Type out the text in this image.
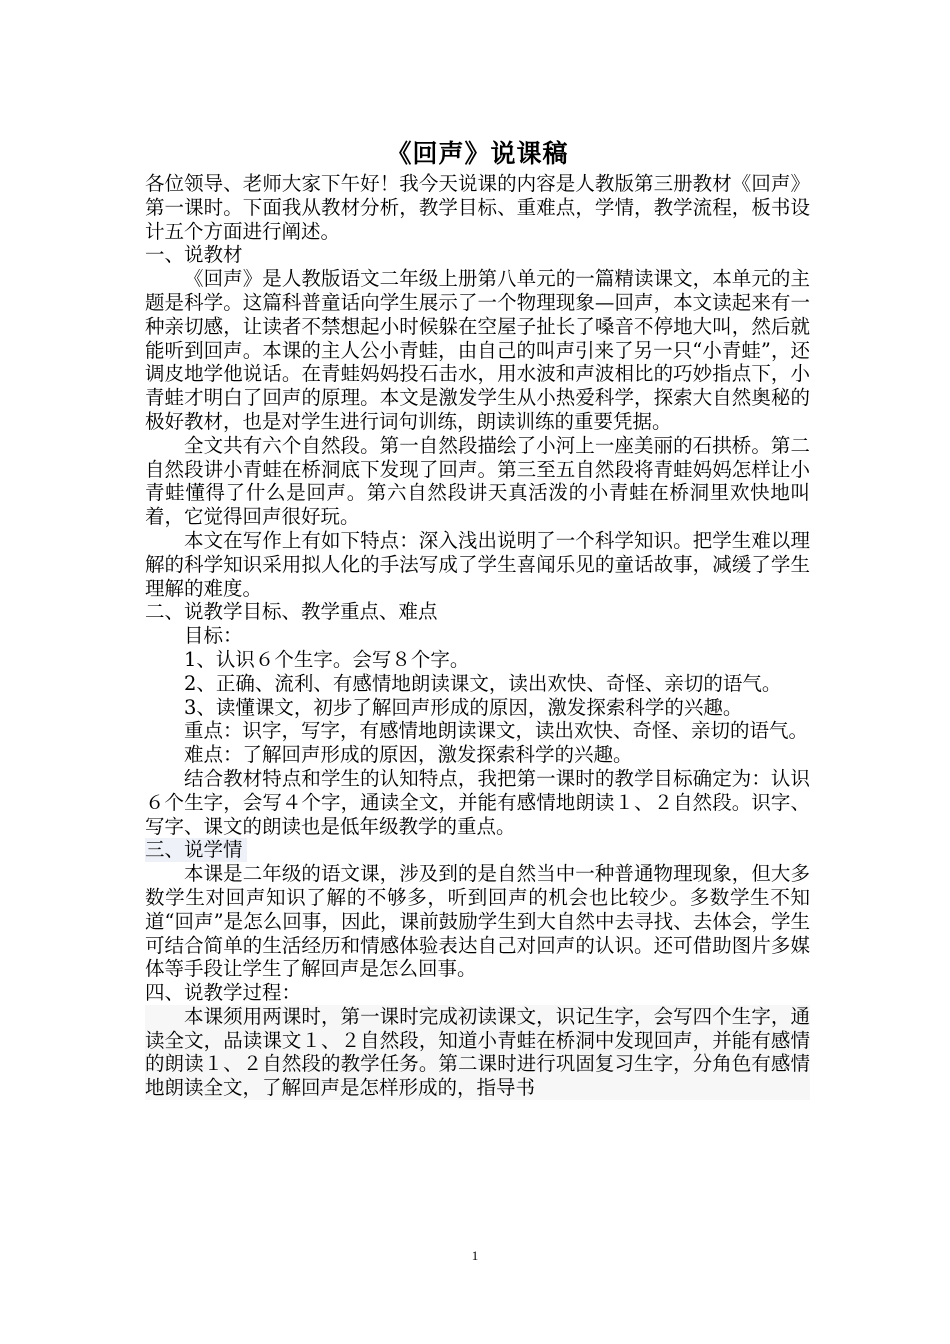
《回声》说课稿

各位领导、老师大家下午好！我今天说课的内容是人教版第三册教材《回声》第一课时。下面我从教材分析，教学目标、重难点，学情，教学流程，板书设计五个方面进行阐述。

一、说教材

《回声》是人教版语文二年级上册第八单元的一篇精读课文，本单元的主题是科学。这篇科普童话向学生展示了一个物理现象—回声，本文读起来有一种亲切感，让读者不禁想起小时候躲在空屋子扯长了嗓音不停地大叫，然后就能听到回声。本课的主人公小青蛙，由自己的叫声引来了另一只“小青蛙”，还调皮地学他说话。在青蛙妈妈投石击水，用水波和声波相比的巧妙指点下，小青蛙才明白了回声的原理。本文是激发学生从小热爱科学，探索大自然奥秘的极好教材，也是对学生进行词句训练，朗读训练的重要凭据。

全文共有六个自然段。第一自然段描绘了小河上一座美丽的石拱桥。第二自然段讲小青蛙在桥洞底下发现了回声。第三至五自然段将青蛙妈妈怎样让小青蛙懂得了什么是回声。第六自然段讲天真活泼的小青蛙在桥洞里欢快地叫着，它觉得回声很好玩。

本文在写作上有如下特点：深入浅出说明了一个科学知识。把学生难以理解的科学知识采用拟人化的手法写成了学生喜闻乐见的童话故事，减缓了学生理解的难度。

二、说教学目标、教学重点、难点

目标：

1、认识６个生字。会写８个字。

2、正确、流利、有感情地朗读课文，读出欢快、奇怪、亲切的语气。

3、读懂课文，初步了解回声形成的原因，激发探索科学的兴趣。

重点：识字，写字，有感情地朗读课文，读出欢快、奇怪、亲切的语气。

难点：了解回声形成的原因，激发探索科学的兴趣。

结合教材特点和学生的认知特点，我把第一课时的教学目标确定为：认识６个生字，会写４个字，通读全文，并能有感情地朗读１、２自然段。识字、写字、课文的朗读也是低年级教学的重点。

三、说学情

本课是二年级的语文课，涉及到的是自然当中一种普通物理现象，但大多数学生对回声知识了解的不够多，听到回声的机会也比较少。多数学生不知道“回声”是怎么回事，因此，课前鼓励学生到大自然中去寻找、去体会，学生可结合简单的生活经历和情感体验表达自己对回声的认识。还可借助图片多媒体等手段让学生了解回声是怎么回事。

四、说教学过程：

本课须用两课时，第一课时完成初读课文，识记生字，会写四个生字，通读全文，品读课文１、２自然段，知道小青蛙在桥洞中发现回声，并能有感情的朗读１、２自然段的教学任务。第二课时进行巩固复习生字，分角色有感情地朗读全文，了解回声是怎样形成的，指导书

1
